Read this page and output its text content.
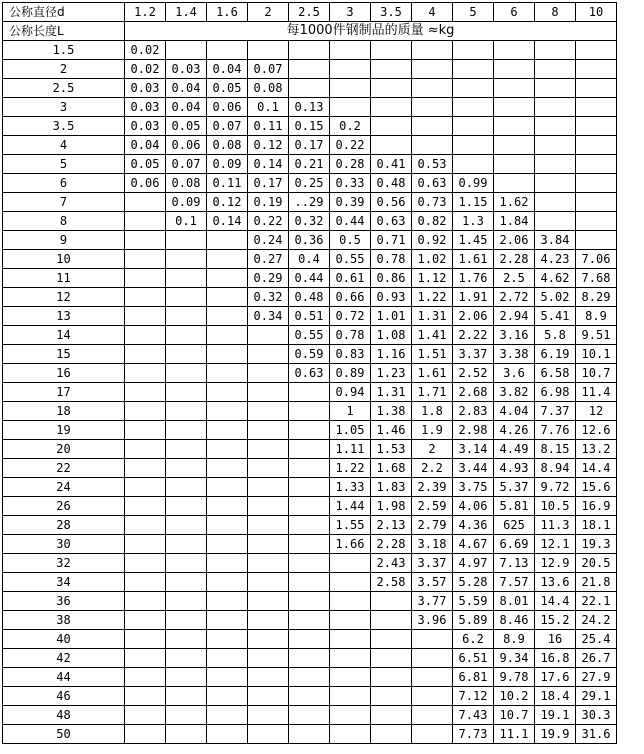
公称直径d	1.2	1.4	1.6	2	2.5	3	3.5	4	5	6	8	10
公称长度L	每1000件钢制品的质量 ≈kg											
1.5	0.02											
2	0.02	0.03	0.04	0.07								
2.5	0.03	0.04	0.05	0.08								
3	0.03	0.04	0.06	0.1	0.13							
3.5	0.03	0.05	0.07	0.11	0.15	0.2						
4	0.04	0.06	0.08	0.12	0.17	0.22						
5	0.05	0.07	0.09	0.14	0.21	0.28	0.41	0.53				
6	0.06	0.08	0.11	0.17	0.25	0.33	0.48	0.63	0.99			
7		0.09	0.12	0.19	..29	0.39	0.56	0.73	1.15	1.62		
8		0.1	0.14	0.22	0.32	0.44	0.63	0.82	1.3	1.84		
9				0.24	0.36	0.5	0.71	0.92	1.45	2.06	3.84	
10				0.27	0.4	0.55	0.78	1.02	1.61	2.28	4.23	7.06
11				0.29	0.44	0.61	0.86	1.12	1.76	2.5	4.62	7.68
12				0.32	0.48	0.66	0.93	1.22	1.91	2.72	5.02	8.29
13				0.34	0.51	0.72	1.01	1.31	2.06	2.94	5.41	8.9
14					0.55	0.78	1.08	1.41	2.22	3.16	5.8	9.51
15					0.59	0.83	1.16	1.51	3.37	3.38	6.19	10.1
16					0.63	0.89	1.23	1.61	2.52	3.6	6.58	10.7
17						0.94	1.31	1.71	2.68	3.82	6.98	11.4
18						1	1.38	1.8	2.83	4.04	7.37	12
19						1.05	1.46	1.9	2.98	4.26	7.76	12.6
20						1.11	1.53	2	3.14	4.49	8.15	13.2
22						1.22	1.68	2.2	3.44	4.93	8.94	14.4
24						1.33	1.83	2.39	3.75	5.37	9.72	15.6
26						1.44	1.98	2.59	4.06	5.81	10.5	16.9
28						1.55	2.13	2.79	4.36	625	11.3	18.1
30						1.66	2.28	3.18	4.67	6.69	12.1	19.3
32							2.43	3.37	4.97	7.13	12.9	20.5
34							2.58	3.57	5.28	7.57	13.6	21.8
36								3.77	5.59	8.01	14.4	22.1
38								3.96	5.89	8.46	15.2	24.2
40									6.2	8.9	16	25.4
42									6.51	9.34	16.8	26.7
44									6.81	9.78	17.6	27.9
46									7.12	10.2	18.4	29.1
48									7.43	10.7	19.1	30.3
50									7.73	11.1	19.9	31.6
